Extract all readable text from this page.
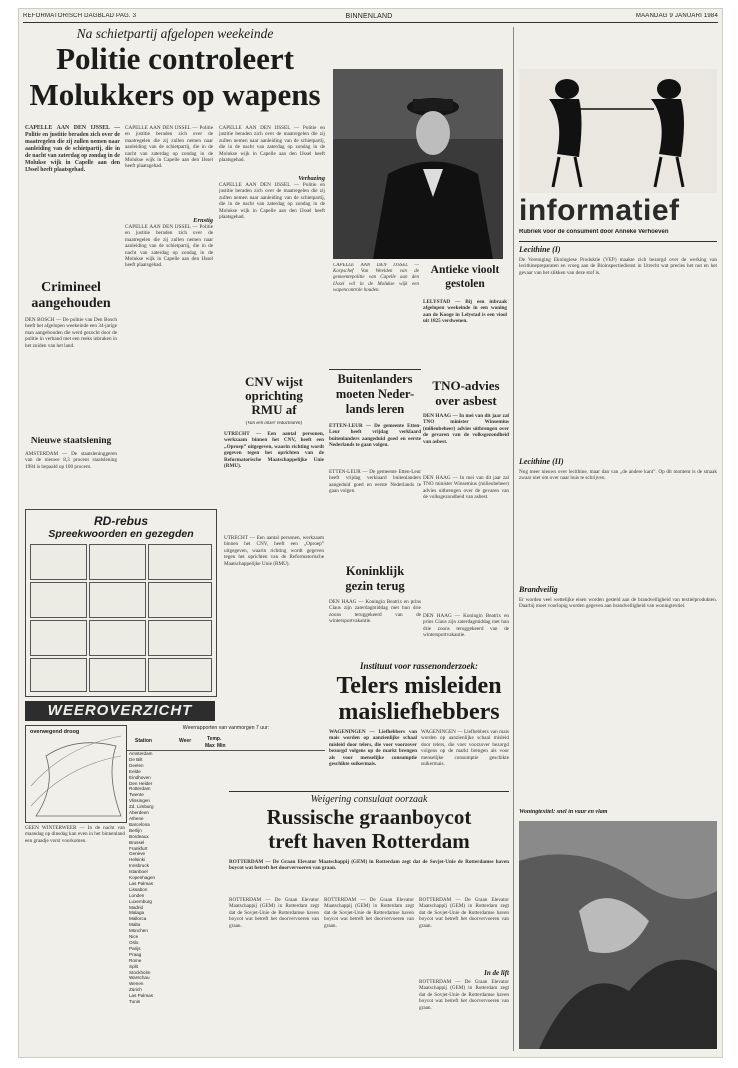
REFORMATORISCH DAGBLAD PAG. 3	BINNENLAND	MAANDAG 9 JANUARI 1984
Na schietpartij afgelopen weekeinde
Politie controleert
Molukkers op wapens
CAPELLE AAN DEN IJSSEL — Politie en justitie beraden zich over de maatregelen die zij zullen nemen naar aanleiding van de schietpartij, die in de nacht van zaterdag op zondag in de Molukse wijk in Capelle aan den IJssel heeft plaatsgehad.
CAPELLE AAN DEN IJSSEL — Politie en justitie beraden zich over de maatregelen die zij zullen nemen naar aanleiding van de schietpartij, die in de nacht van zaterdag op zondag in de Molukse wijk in Capelle aan den IJssel heeft plaatsgehad.
Ernstig
CAPELLE AAN DEN IJSSEL — Politie en justitie beraden zich over de maatregelen die zij zullen nemen naar aanleiding van de schietpartij, die in de nacht van zaterdag op zondag in de Molukse wijk in Capelle aan den IJssel heeft plaatsgehad.
CAPELLE AAN DEN IJSSEL — Politie en justitie beraden zich over de maatregelen die zij zullen nemen naar aanleiding van de schietpartij, die in de nacht van zaterdag op zondag in de Molukse wijk in Capelle aan den IJssel heeft plaatsgehad.
Verbazing
CAPELLE AAN DEN IJSSEL — Politie en justitie beraden zich over de maatregelen die zij zullen nemen naar aanleiding van de schietpartij, die in de nacht van zaterdag op zondag in de Molukse wijk in Capelle aan den IJssel heeft plaatsgehad.
CAPELLE AAN DEN IJSSEL — Korpschef Van Weelden van de gemeentepolitie van Capelle aan den IJssel wil in de Molukse wijk een wapencontrole houden.
Antieke vioolt
gestolen
LELYSTAD — Bij een inbraak afgelopen weekeinde in een woning aan de Kooge in Lelystad is een viool uit 1825 verdwenen.
Crimineel
aangehouden
DEN BOSCH — De politie van Den Bosch heeft het afgelopen weekeinde een 34-jarige man aangehouden die werd gezocht door de politie in verband met een reeks inbraken in het zuiden van het land.
Nieuwe staatslening
AMSTERDAM — De staatsleninggeren van de nieuwe 8,3 procent staatslening 1984 is bepaald op 100 procent.
CNV wijst
oprichting
RMU af
(Van een onzer redacteuren)
UTRECHT — Een aantal personen, werkzaam binnen het CNV, heeft een „Oproep” uitgegeven, waarin richting wordt gegeven tegen het oprichten van de Reformatorische Maatschappelijke Unie (RMU).
UTRECHT — Een aantal personen, werkzaam binnen het CNV, heeft een „Oproep” uitgegeven, waarin richting wordt gegeven tegen het oprichten van de Reformatorische Maatschappelijke Unie (RMU).
Buitenlanders
moeten Neder-
lands leren
ETTEN-LEUR — De gemeente Etten-Leur heeft vrijdag verklaard buitenlanders aangeduid goed en eerste Nederlands te gaan volgen.
ETTEN-LEUR — De gemeente Etten-Leur heeft vrijdag verklaard buitenlanders aangeduid goed en eerste Nederlands te gaan volgen.
TNO-advies
over asbest
DEN HAAG — In mei van dit jaar zal TNO minister Winsemius (milieubeheer) advies uitbrengen over de gevaren van de volksgezondheid van asbest.
DEN HAAG — In mei van dit jaar zal TNO minister Winsemius (milieubeheer) advies uitbrengen over de gevaren van de volksgezondheid van asbest.
Koninklijk
gezin terug
DEN HAAG — Koningin Beatrix en prins Claus zijn zaterdagmiddag met hun drie zoons teruggekeerd van de wintersportvakantie.
DEN HAAG — Koningin Beatrix en prins Claus zijn zaterdagmiddag met hun drie zoons teruggekeerd van de wintersportvakantie.
RD-rebus
Spreekwoorden en gezegden
WEEROVERZICHT
overwegend droog
GEEN WINTERWEER — In de nacht van maandag op dinsdag kan even in het binnenland een graadje vorst voorkomen.
Weerrapporten van vanmorgen 7 uur:
Station	Weer	Temp.
Max Min
Amsterdam
De Bilt
Deelen
Eelde
Eindhoven
Den Helder
Rotterdam
Twente
Vlissingen
Zd. Limburg
Aberdeen
Athene
Barcelona
Berlijn
Bordeaux
Brussel
Frankfurt
Genève
Helsinki
Innsbruck
Istanboel
Kopenhagen
Las Palmas
Lissabon
Londen
Luxemburg
Madrid
Malaga
Mallorca
Malta
München
Nice
Oslo
Parijs
Praag
Rome
Split
Stockholm
Warschau
Wenen
Zürich
Las Palmas
Tunis
Instituut voor rassenonderzoek:
Telers misleiden
maisliefhebbers
WAGENINGEN — Liefhebbers van mais worden op aanzienlijke schaal misleid door telers, die voer voorzover bezorgd volgens op de markt brengen als voor menselijke consumptie geschikte suikermais.
WAGENINGEN — Liefhebbers van mais worden op aanzienlijke schaal misleid door telers, die voer voorzover bezorgd volgens op de markt brengen als voor menselijke consumptie geschikte suikermais.
Weigering consulaat oorzaak
Russische graanboycot
treft haven Rotterdam
ROTTERDAM — De Graan Elevator Maatschappij (GEM) in Rotterdam zegt dat de Sovjet-Unie de Rotterdamse haven boycot wat betreft het doorvervoeren van graan.
ROTTERDAM — De Graan Elevator Maatschappij (GEM) in Rotterdam zegt dat de Sovjet-Unie de Rotterdamse haven boycot wat betreft het doorvervoeren van graan.
ROTTERDAM — De Graan Elevator Maatschappij (GEM) in Rotterdam zegt dat de Sovjet-Unie de Rotterdamse haven boycot wat betreft het doorvervoeren van graan.
ROTTERDAM — De Graan Elevator Maatschappij (GEM) in Rotterdam zegt dat de Sovjet-Unie de Rotterdamse haven boycot wat betreft het doorvervoeren van graan.
In de lift
ROTTERDAM — De Graan Elevator Maatschappij (GEM) in Rotterdam zegt dat de Sovjet-Unie de Rotterdamse haven boycot wat betreft het doorvervoeren van graan.
informatief
Rubriek voor de consument door Anneke Verhoeven
Lecithine (I)
De Vereniging Ekologiese Produktie (VEP) maakte zich bezorgd over de werking van lecithinepreparaten en vroeg aan de Bioinspectiedienst in Utrecht wat precies het nut en het gevaar van het slikken van deze stof is.
Lecithine (II)
Nog meer nieuws over lecithine, maar dan van „de andere kant”. Op dit moment is de smaak zwaar niet om over naar huis te schrijven.
Brandveilig
Er worden veel wettelijke eisen worden gesteld aan de brandveiligheid van textielprodukten. Daarbij moet voorlopig worden gegeven aan brandveiligheid van woningtextiel.
Woningtextiel: snel in vuur en vlam
